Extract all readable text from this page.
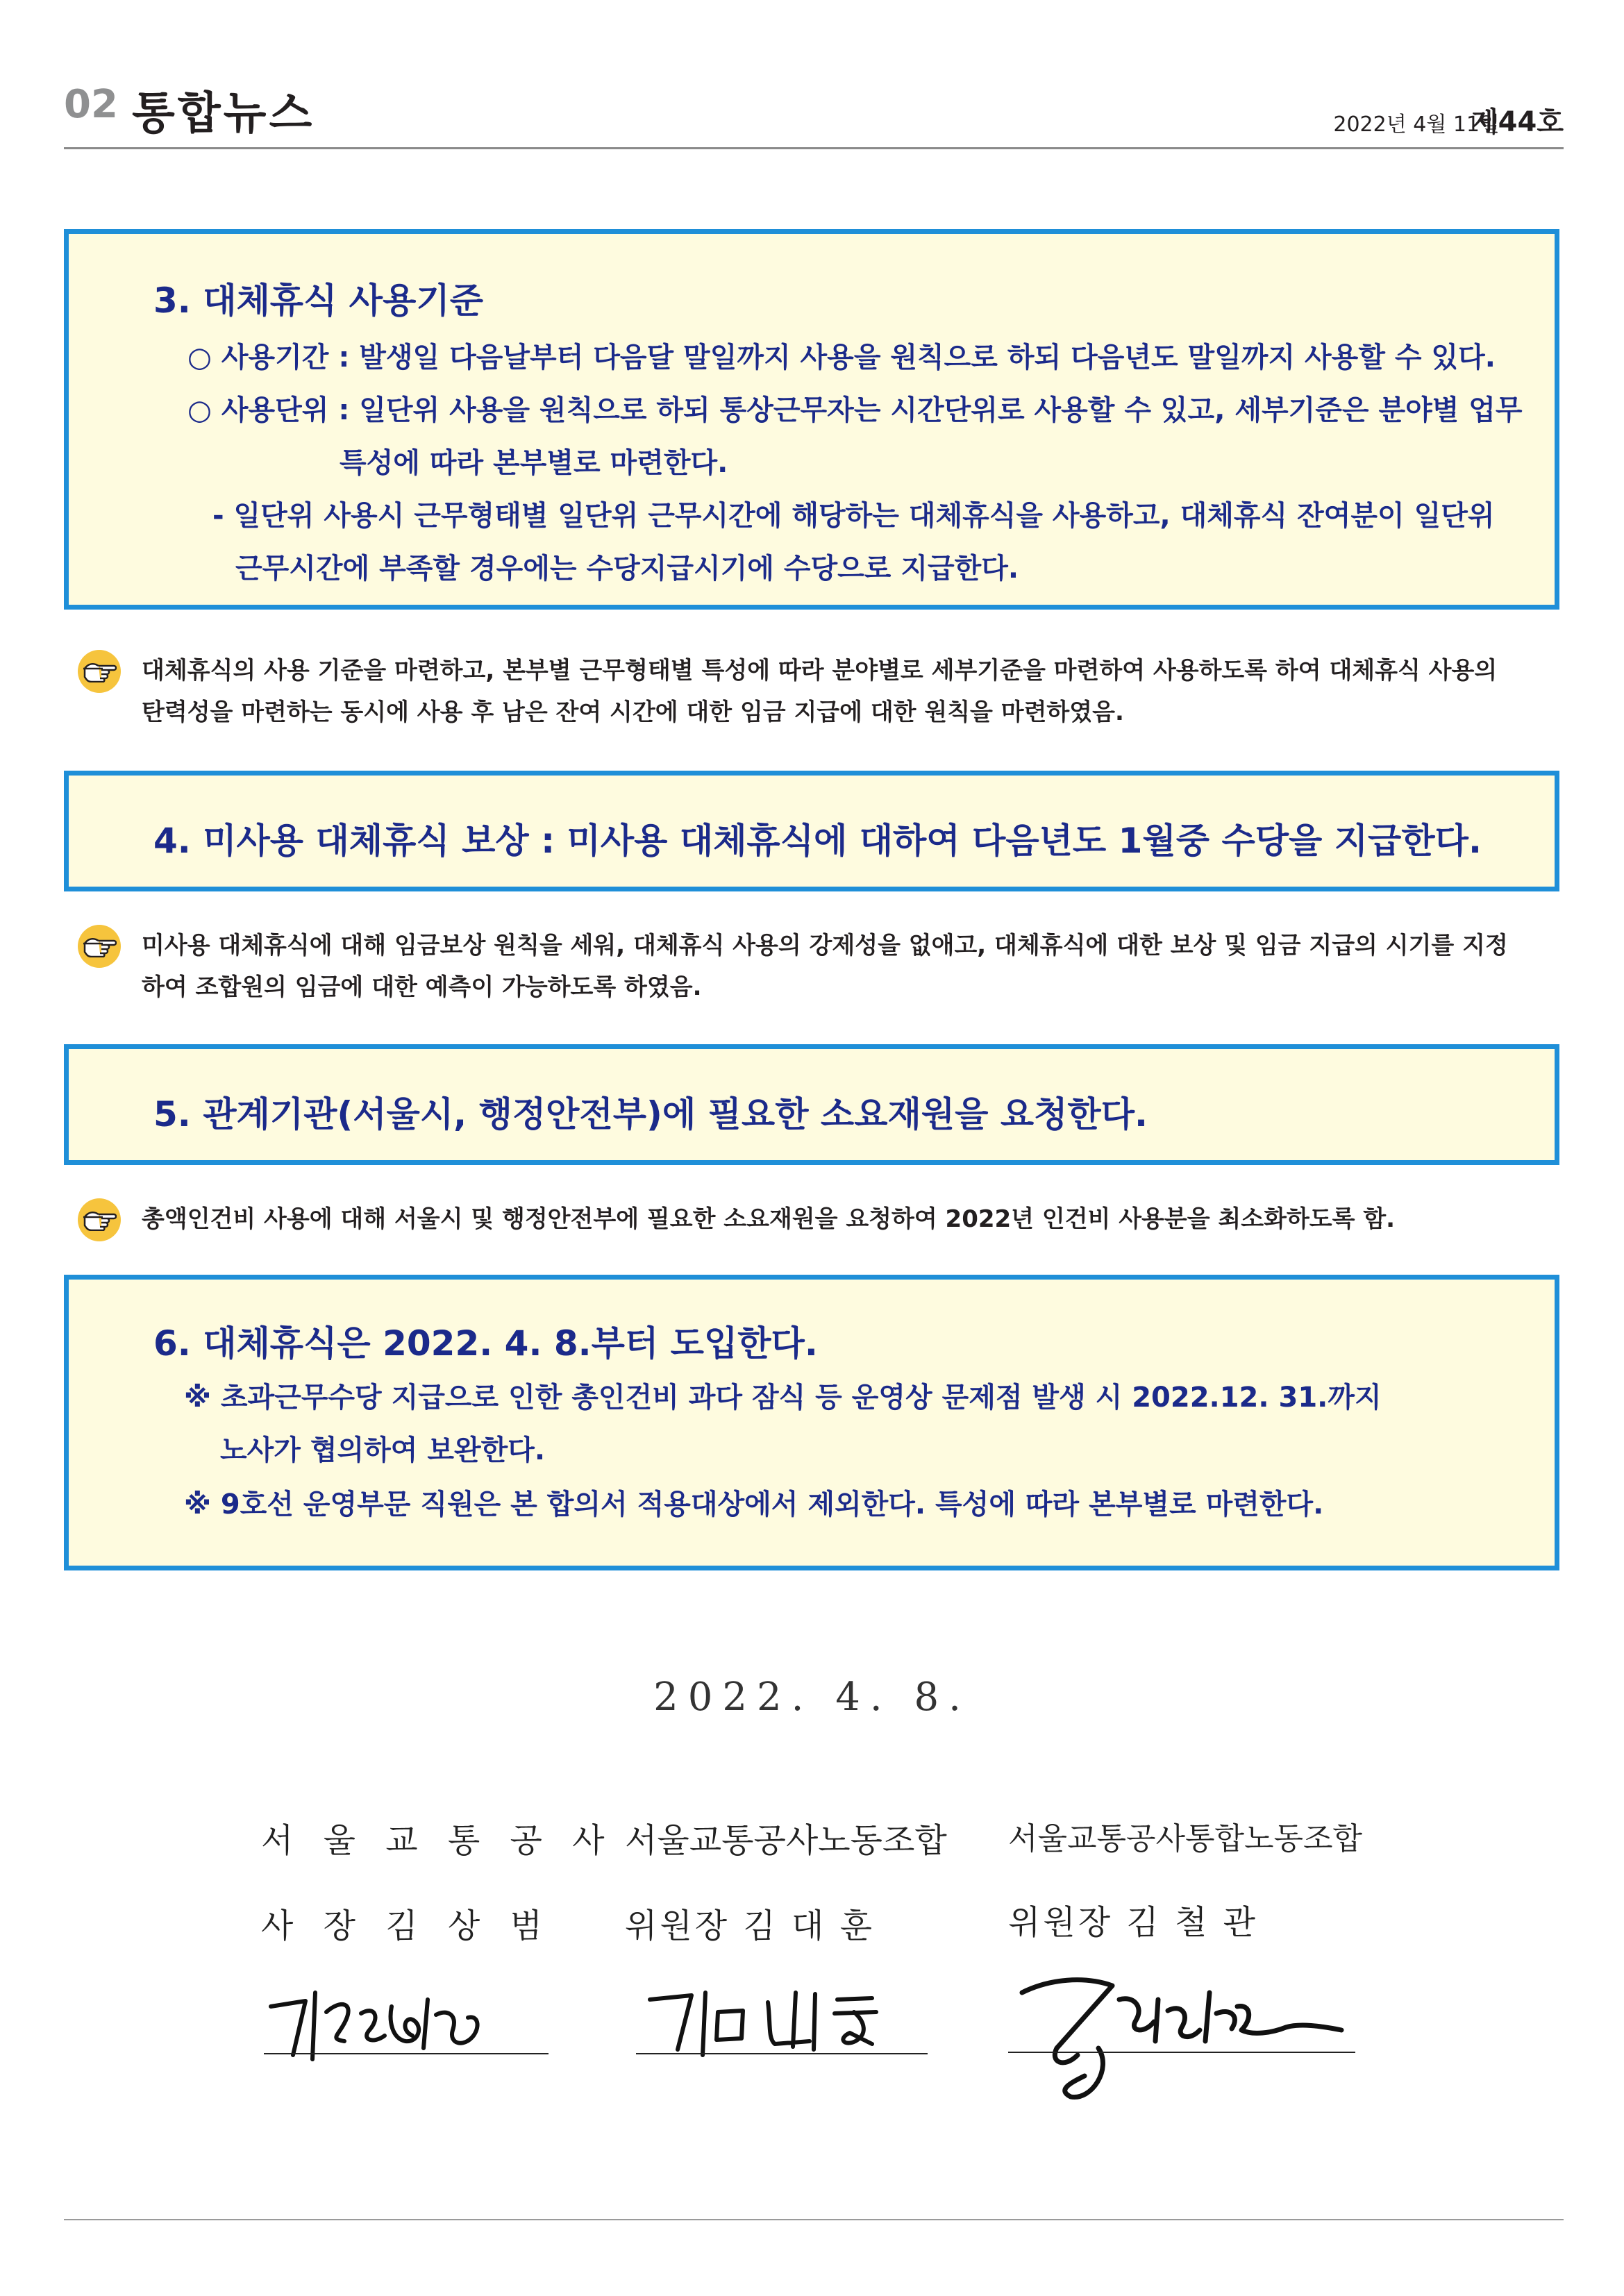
02 통합뉴스	2022년 4월 11일
제44호
3. 대체휴식 사용기준
○ 사용기간 : 발생일 다음날부터 다음달 말일까지 사용을 원칙으로 하되 다음년도 말일까지 사용할 수 있다.
○ 사용단위 : 일단위 사용을 원칙으로 하되 통상근무자는 시간단위로 사용할 수 있고, 세부기준은 분야별 업무
특성에 따라 본부별로 마련한다.
- 일단위 사용시 근무형태별 일단위 근무시간에 해당하는 대체휴식을 사용하고, 대체휴식 잔여분이 일단위
근무시간에 부족할 경우에는 수당지급시기에 수당으로 지급한다.
대체휴식의 사용 기준을 마련하고, 본부별 근무형태별 특성에 따라 분야별로 세부기준을 마련하여 사용하도록 하여 대체휴식 사용의
탄력성을 마련하는 동시에 사용 후 남은 잔여 시간에 대한 임금 지급에 대한 원칙을 마련하였음.
4. 미사용 대체휴식 보상 : 미사용 대체휴식에 대하여 다음년도 1월중 수당을 지급한다.
미사용 대체휴식에 대해 임금보상 원칙을 세워, 대체휴식 사용의 강제성을 없애고, 대체휴식에 대한 보상 및 임금 지급의 시기를 지정
하여 조합원의 임금에 대한 예측이 가능하도록 하였음.
5. 관계기관(서울시, 행정안전부)에 필요한 소요재원을 요청한다.
총액인건비 사용에 대해 서울시 및 행정안전부에 필요한 소요재원을 요청하여 2022년 인건비 사용분을 최소화하도록 함.
6. 대체휴식은 2022. 4. 8.부터 도입한다.
※ 초과근무수당 지급으로 인한 총인건비 과다 잠식 등 운영상 문제점 발생 시 2022.12. 31.까지
노사가 협의하여 보완한다.
※ 9호선 운영부문 직원은 본 합의서 적용대상에서 제외한다. 특성에 따라 본부별로 마련한다.
2022. 4. 8.
서 울 교 통 공 사
사 장 김 상 범
서울교통공사노동조합
위원장 김 대 훈
서울교통공사통합노동조합
위원장 김 철 관
